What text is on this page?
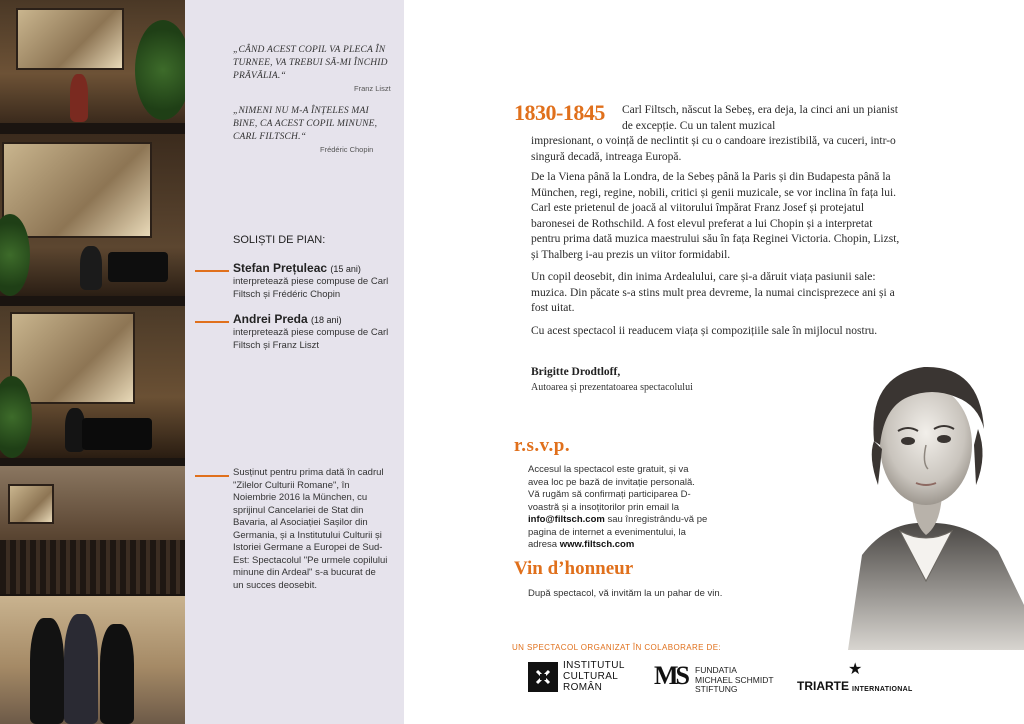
„CÂND ACEST COPIL VA PLECA ÎN TURNEE, VA TREBUI SĂ-MI ÎNCHID PRĂVĂLIA.“
Franz Liszt
„NIMENI NU M-A ÎNȚELES MAI BINE, CA ACEST COPIL MINUNE, CARL FILTSCH.“
Frédéric Chopin
SOLIȘTI DE PIAN:
Stefan Prețuleac (15 ani)
interpretează piese compuse de Carl Filtsch și Frédéric Chopin
Andrei Preda (18 ani)
interpretează piese compuse de Carl Filtsch și Franz Liszt
Susținut pentru prima dată în cadrul "Zilelor Culturii Romane", în Noiembrie 2016 la München, cu sprijinul Cancelariei de Stat din Bavaria, al Asociației Sașilor din Germania, și a Institutului Culturii și Istoriei Germane a Europei de Sud-Est: Spectacolul "Pe urmele copilului minune din Ardeal" s-a bucurat de un succes deosebit.
1830-1845 Carl Filtsch, născut la Sebeș, era deja, la cinci ani un pianist de excepție. Cu un talent muzical
impresionant, o voință de neclintit și cu o candoare irezistibilă, va cuceri, intr-o singură decadă, intreaga Europă.
De la Viena până la Londra, de la Sebeș până la Paris și din Budapesta până la München, regi, regine, nobili, critici și genii muzicale, se vor inclina în fața lui. Carl este prietenul de joacă al viitorului împărat Franz Josef și protejatul baronesei de Rothschild. A fost elevul preferat a lui Chopin și a interpretat pentru prima dată muzica maestrului său în fața Reginei Victoria. Chopin, Lizst, și Thalberg i-au prezis un viitor formidabil.
Un copil deosebit, din inima Ardealului, care și-a dăruit viața pasiunii sale: muzica. Din păcate s-a stins mult prea devreme, la numai cincisprezece ani și a fost uitat.
Cu acest spectacol ii readucem viața și compozițiile sale în mijlocul nostru.
Brigitte Drodtloff,
Autoarea și prezentatoarea spectacolului
r.s.v.p.
Accesul la spectacol este gratuit, și va avea loc pe bază de invitație personală. Vă rugăm să confirmați participarea D-voastră și a insoțitorilor prin email la info@filtsch.com sau înregistrându-vă pe pagina de internet a evenimentului, la adresa www.filtsch.com
Vin d’honneur
După spectacol, vă invităm la un pahar de vin.
UN SPECTACOL ORGANIZAT ÎN COLABORARE DE:
INSTITUTUL
CULTURAL
ROMÂN	MS FUNDATIA
MICHAEL SCHMIDT
STIFTUNG
★
TRIARTE INTERNATIONAL
